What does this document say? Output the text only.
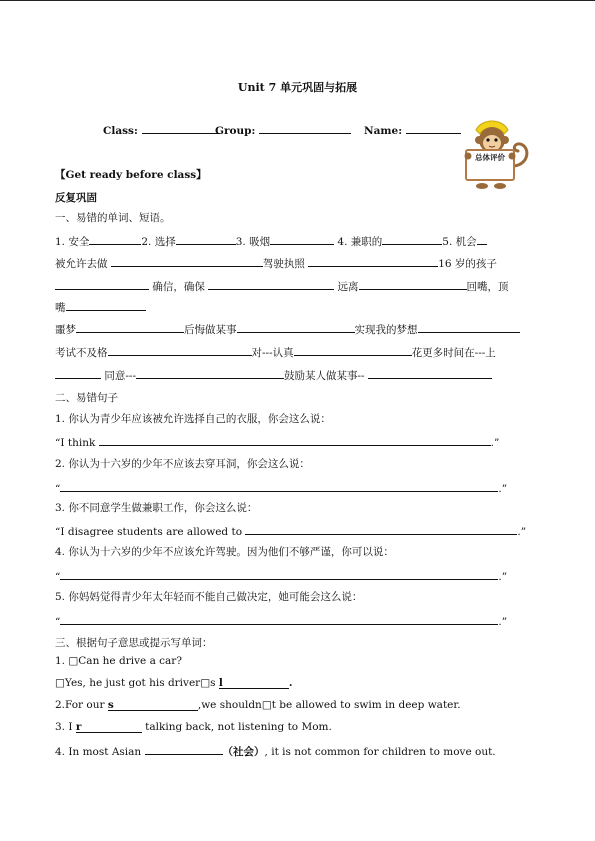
Unit 7 单元巩固与拓展
Class:	Group:	Name:
总体评价
【Get ready before class】
反复巩固
一、易错的单词、短语。
1. 安全	2. 选择	3. 吸烟	4. 兼职的	5. 机会
被允许去做	驾驶执照	16 岁的孩子
确信，确保	远离	回嘴，顶
嘴
噩梦	后悔做某事	实现我的梦想
考试不及格	对---认真	花更多时间在---上
同意---	鼓励某人做某事--
二、易错句子
1. 你认为青少年应该被允许选择自己的衣服，你会这么说：
“I think	.”
2. 你认为十六岁的少年不应该去穿耳洞，你会这么说：
“	.”
3. 你不同意学生做兼职工作，你会这么说：
“I disagree students are allowed to	.”
4. 你认为十六岁的少年不应该允许驾驶。因为他们不够严谨，你可以说：
“	.”
5. 你妈妈觉得青少年太年轻而不能自己做决定，她可能会这么说：
“	.”
三、根据句子意思或提示写单词：
1. □Can he drive a car?
□Yes, he just got his driver□s l	.
2.For our s	,we shouldn□t be allowed to swim in deep water.
3. I r	talking back, not listening to Mom.
4. In most Asian	（社会）, it is not common for children to move out.
